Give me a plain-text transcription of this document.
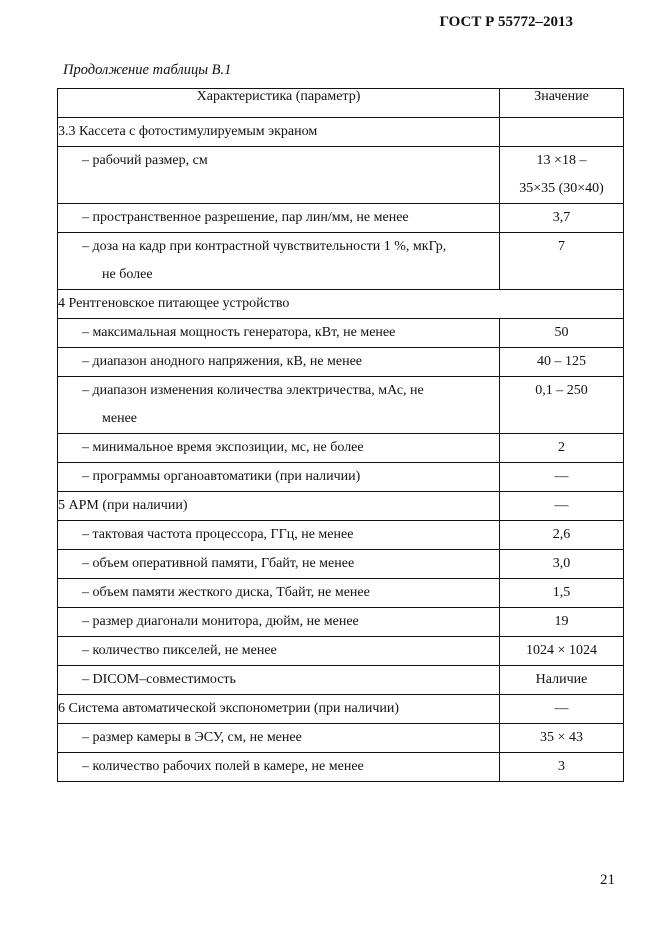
ГОСТ Р 55772–2013
Продолжение таблицы В.1
Характеристика (параметр)	Значение
3.3 Кассета с фотостимулируемым экраном	
– рабочий размер, см	13 ×18 –
35×35 (30×40)
– пространственное разрешение, пар лин/мм, не менее	3,7
– доза на кадр при контрастной чувствительности 1 %, мкГр,
не более	7
4 Рентгеновское питающее устройство	
– максимальная мощность генератора, кВт, не менее	50
– диапазон анодного напряжения, кВ, не менее	40 – 125
– диапазон изменения количества электричества, мАс, не
менее	0,1 – 250
– минимальное время экспозиции, мс, не более	2
– программы органоавтоматики (при наличии)	—
5 АРМ (при наличии)	—
– тактовая частота процессора, ГГц, не менее	2,6
– объем оперативной памяти, Гбайт, не менее	3,0
– объем памяти жесткого диска, Тбайт, не менее	1,5
– размер диагонали монитора, дюйм, не менее	19
– количество пикселей, не менее	1024 × 1024
– DICOM–совместимость	Наличие
6 Система автоматической экспонометрии (при наличии)	—
– размер камеры в ЭСУ, см, не менее	35 × 43
– количество рабочих полей в камере, не менее	3
21
